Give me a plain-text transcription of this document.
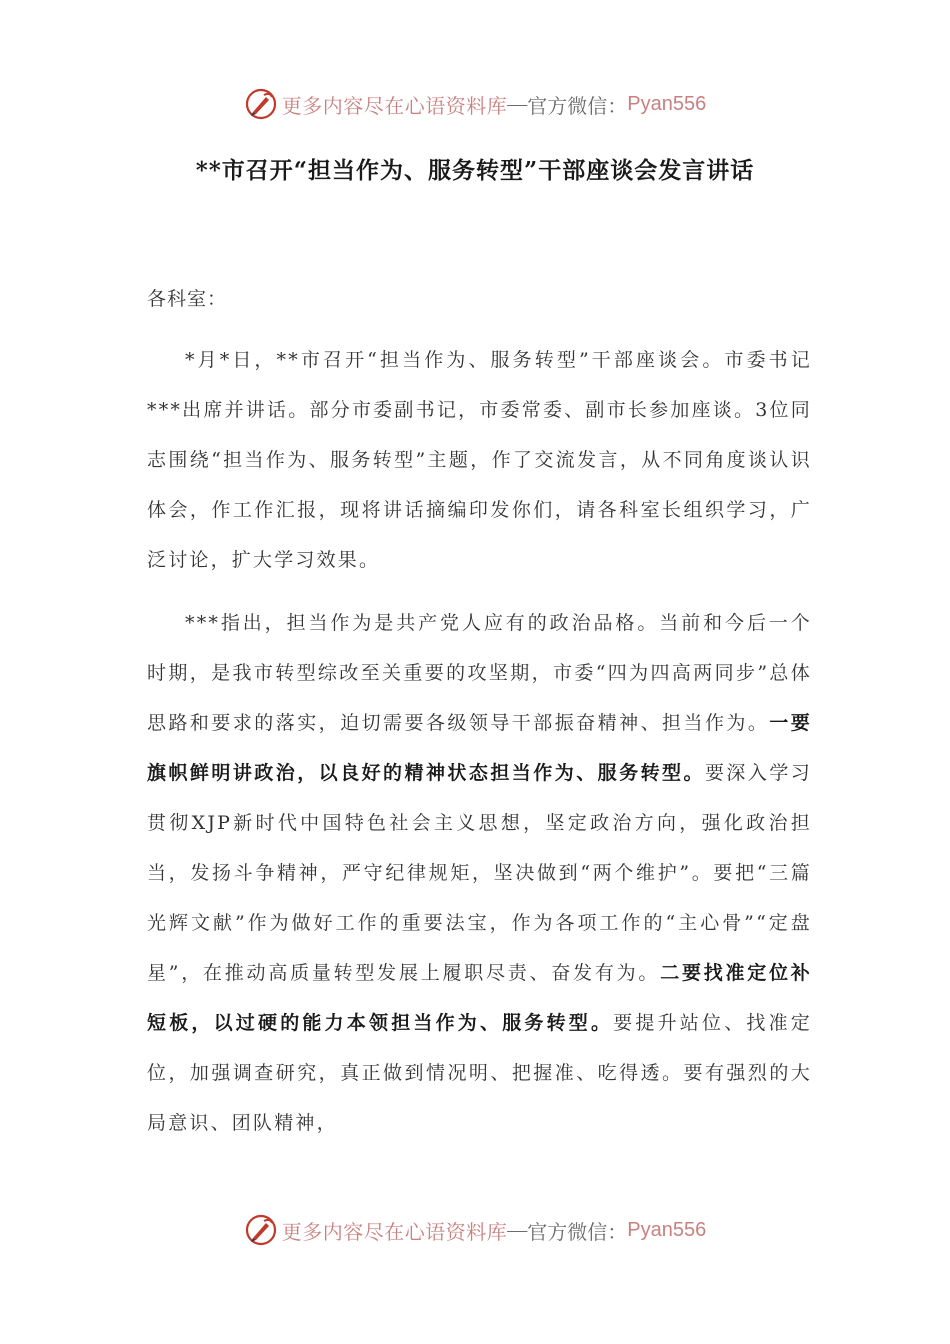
更多内容尽在心语资料库 — 官方微信： Pyan556
**市召开“担当作为、服务转型”干部座谈会发言讲话

各科室：

*月*日，**市召开“担当作为、服务转型”干部座谈会。市委书记***出席并讲话。部分市委副书记，市委常委、副市长参加座谈。3位同志围绕“担当作为、服务转型”主题，作了交流发言，从不同角度谈认识体会，作工作汇报，现将讲话摘编印发你们，请各科室长组织学习，广泛讨论，扩大学习效果。

***指出，担当作为是共产党人应有的政治品格。当前和今后一个时期，是我市转型综改至关重要的攻坚期，市委“四为四高两同步”总体思路和要求的落实，迫切需要各级领导干部振奋精神、担当作为。一要旗帜鲜明讲政治，以良好的精神状态担当作为、服务转型。要深入学习贯彻XJP新时代中国特色社会主义思想，坚定政治方向，强化政治担当，发扬斗争精神，严守纪律规矩，坚决做到“两个维护”。要把“三篇光辉文献”作为做好工作的重要法宝，作为各项工作的“主心骨”“定盘星”，在推动高质量转型发展上履职尽责、奋发有为。二要找准定位补短板，以过硬的能力本领担当作为、服务转型。要提升站位、找准定位，加强调查研究，真正做到情况明、把握准、吃得透。要有强烈的大局意识、团队精神，

更多内容尽在心语资料库 — 官方微信： Pyan556
